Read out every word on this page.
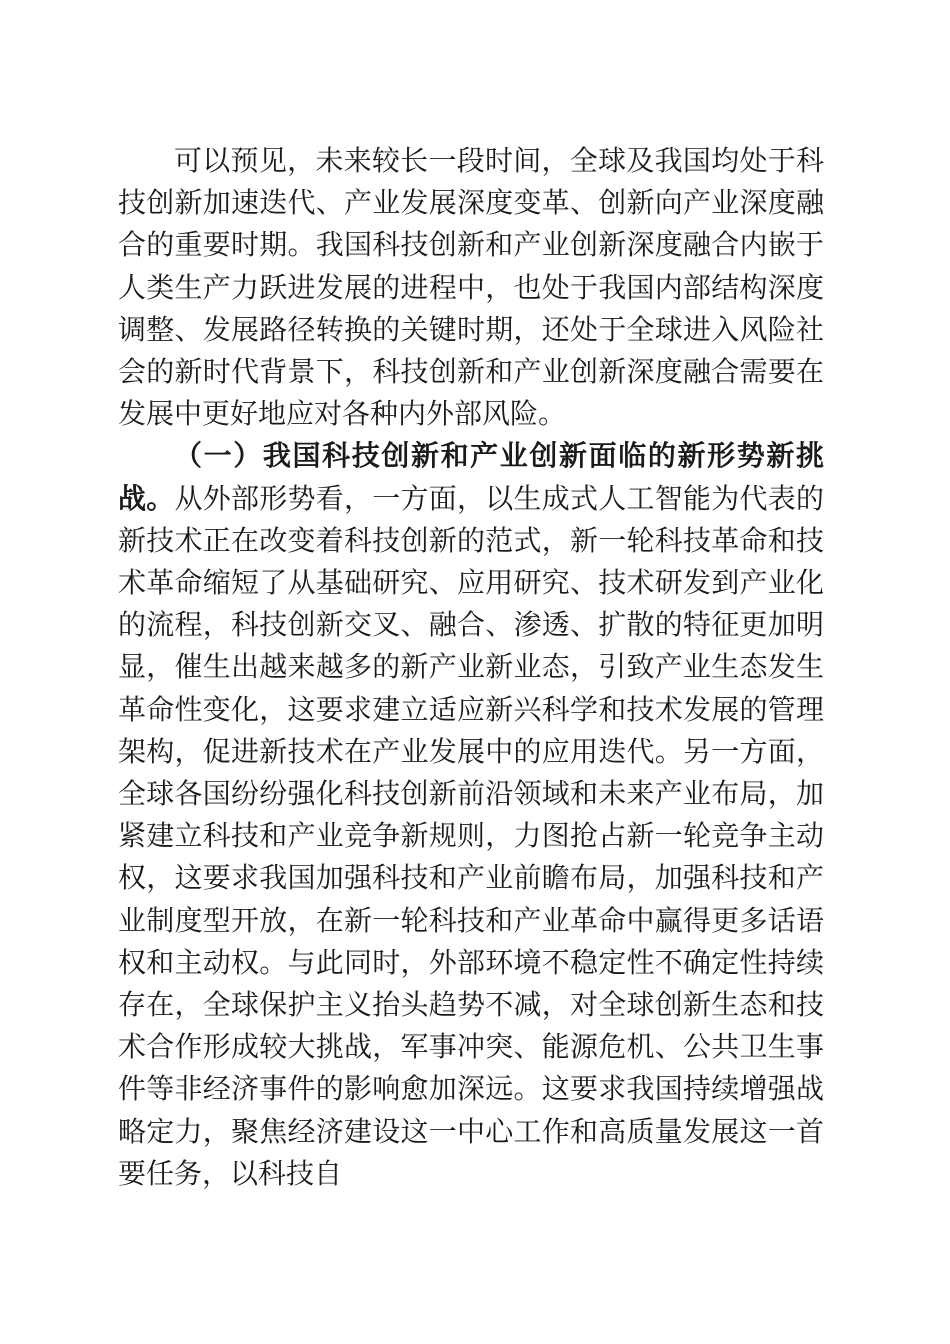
可以预见，未来较长一段时间，全球及我国均处于科技创新加速迭代、产业发展深度变革、创新向产业深度融合的重要时期。我国科技创新和产业创新深度融合内嵌于人类生产力跃进发展的进程中，也处于我国内部结构深度调整、发展路径转换的关键时期，还处于全球进入风险社会的新时代背景下，科技创新和产业创新深度融合需要在发展中更好地应对各种内外部风险。

（一）我国科技创新和产业创新面临的新形势新挑战。从外部形势看，一方面，以生成式人工智能为代表的新技术正在改变着科技创新的范式，新一轮科技革命和技术革命缩短了从基础研究、应用研究、技术研发到产业化的流程，科技创新交叉、融合、渗透、扩散的特征更加明显，催生出越来越多的新产业新业态，引致产业生态发生革命性变化，这要求建立适应新兴科学和技术发展的管理架构，促进新技术在产业发展中的应用迭代。另一方面，全球各国纷纷强化科技创新前沿领域和未来产业布局，加紧建立科技和产业竞争新规则，力图抢占新一轮竞争主动权，这要求我国加强科技和产业前瞻布局，加强科技和产业制度型开放，在新一轮科技和产业革命中赢得更多话语权和主动权。与此同时，外部环境不稳定性不确定性持续存在，全球保护主义抬头趋势不减，对全球创新生态和技术合作形成较大挑战，军事冲突、能源危机、公共卫生事件等非经济事件的影响愈加深远。这要求我国持续增强战略定力，聚焦经济建设这一中心工作和高质量发展这一首要任务，以科技自
